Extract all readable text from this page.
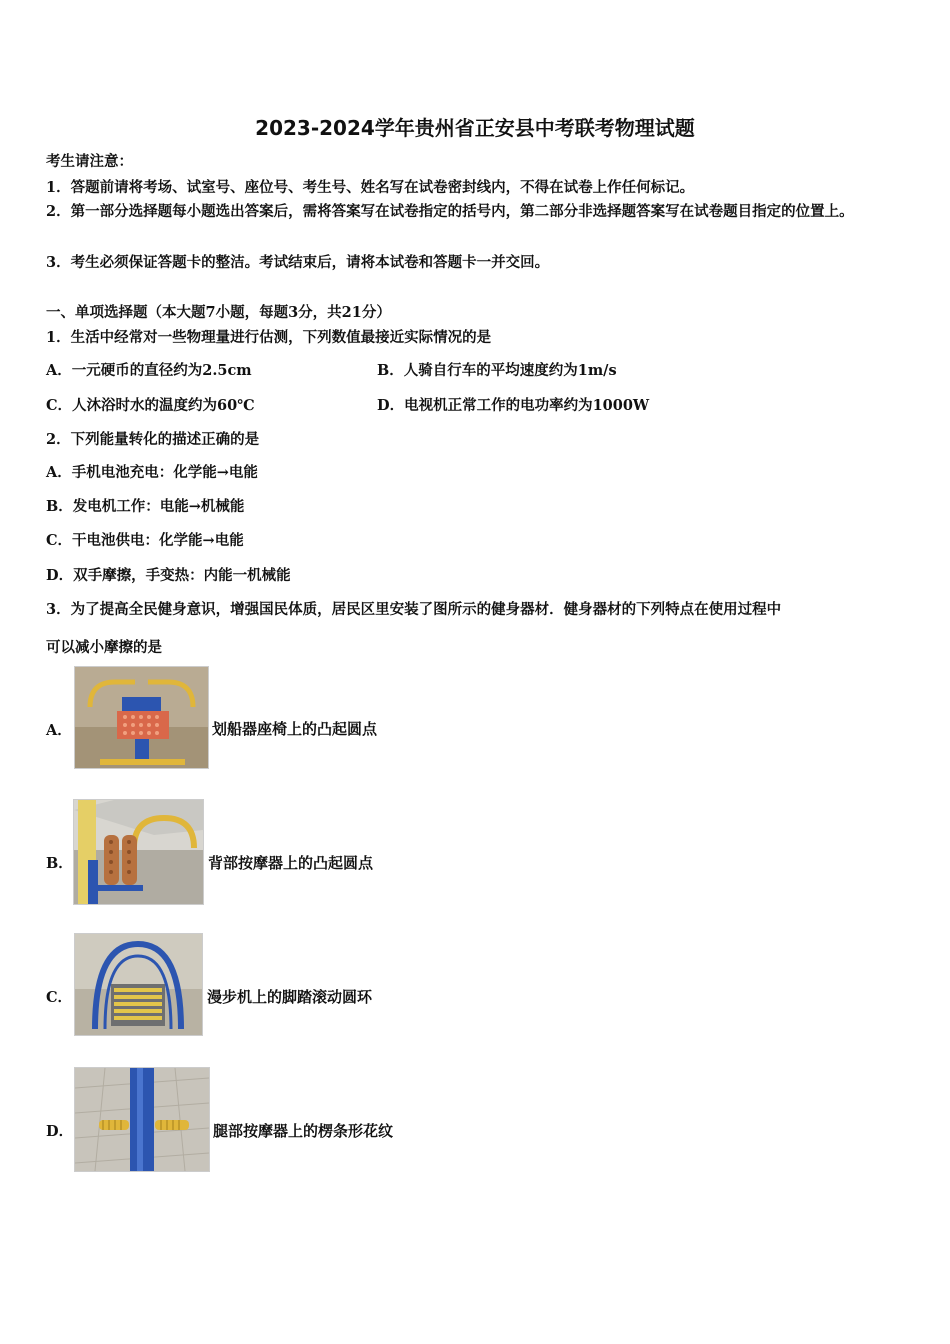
2023-2024学年贵州省正安县中考联考物理试题
考生请注意：
1．答题前请将考场、试室号、座位号、考生号、姓名写在试卷密封线内，不得在试卷上作任何标记。
2．第一部分选择题每小题选出答案后，需将答案写在试卷指定的括号内，第二部分非选择题答案写在试卷题目指定的位置上。
3．考生必须保证答题卡的整洁。考试结束后，请将本试卷和答题卡一并交回。
一、单项选择题（本大题7小题，每题3分，共21分）
1．生活中经常对一些物理量进行估测，下列数值最接近实际情况的是
A．一元硬币的直径约为2.5cm	B．人骑自行车的平均速度约为1m/s
C．人沐浴时水的温度约为60℃	D．电视机正常工作的电功率约为1000W
2．下列能量转化的描述正确的是
A．手机电池充电：化学能→电能
B．发电机工作：电能→机械能
C．干电池供电：化学能→电能
D．双手摩擦，手变热：内能一机械能
3．为了提高全民健身意识，增强国民体质，居民区里安装了图所示的健身器材．健身器材的下列特点在使用过程中
可以减小摩擦的是
A．	划船器座椅上的凸起圆点
B．	背部按摩器上的凸起圆点
C．	漫步机上的脚踏滚动圆环
D．	腿部按摩器上的楞条形花纹
